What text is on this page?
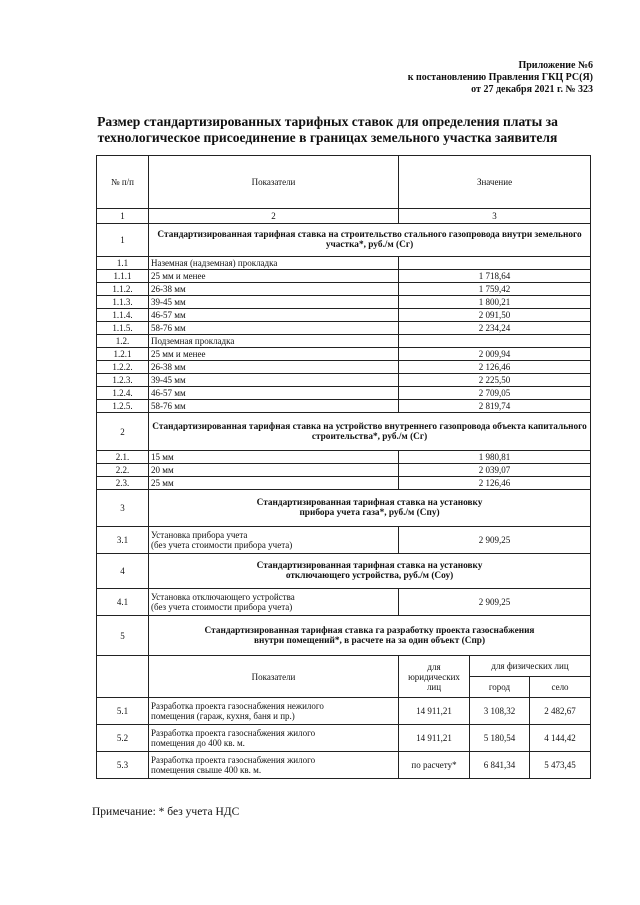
Приложение №6
к постановлению Правления ГКЦ РС(Я)
от 27 декабря 2021 г. № 323
Размер стандартизированных тарифных ставок для определения платы за технологическое присоединение в границах земельного участка заявителя
№ п/п	Показатели	Значение		
1	2	3		
1	Стандартизированная тарифная ставка на строительство стального газопровода внутри земельного участка*, руб./м (Сг)			
1.1	Наземная (надземная) прокладка			
1.1.1	25 мм и менее	1 718,64		
1.1.2.	26-38 мм	1 759,42		
1.1.3.	39-45 мм	1 800,21		
1.1.4.	46-57 мм	2 091,50		
1.1.5.	58-76 мм	2 234,24		
1.2.	Подземная прокладка			
1.2.1	25 мм и менее	2 009,94		
1.2.2.	26-38 мм	2 126,46		
1.2.3.	39-45 мм	2 225,50		
1.2.4.	46-57 мм	2 709,05		
1.2.5.	58-76 мм	2 819,74		
2	Стандартизированная тарифная ставка на устройство внутреннего газопровода объекта капитального строительства*, руб./м (Сг)			
2.1.	15 мм	1 980,81		
2.2.	20 мм	2 039,07		
2.3.	25 мм	2 126,46		
3	Стандартизированная тарифная ставка на установку
прибора учета газа*, руб./м (Спу)			

3.1	Установка прибора учета
(без учета стоимости прибора учета)	2 909,25		
4	Стандартизированная тарифная ставка на установку
отключающего устройства, руб./м (Соу)			

4.1	Установка отключающего устройства
(без учета стоимости прибора учета)	2 909,25		
5	Стандартизированная тарифная ставка га разработку проекта газоснабжения
внутри помещений*, в расчете на за один объект (Спр)			

	Показатели	для юридических лиц	для физических лиц	
			город	село
5.1	Разработка проекта газоснабжения нежилого
помещения (гараж, кухня, баня и пр.)	14 911,21	3 108,32	2 482,67
5.2	Разработка проекта газоснабжения жилого
помещения до 400 кв. м.	14 911,21	5 180,54	4 144,42
5.3	Разработка проекта газоснабжения жилого
помещения свыше 400 кв. м.	по расчету*	6 841,34	5 473,45
Примечание: * без учета НДС
